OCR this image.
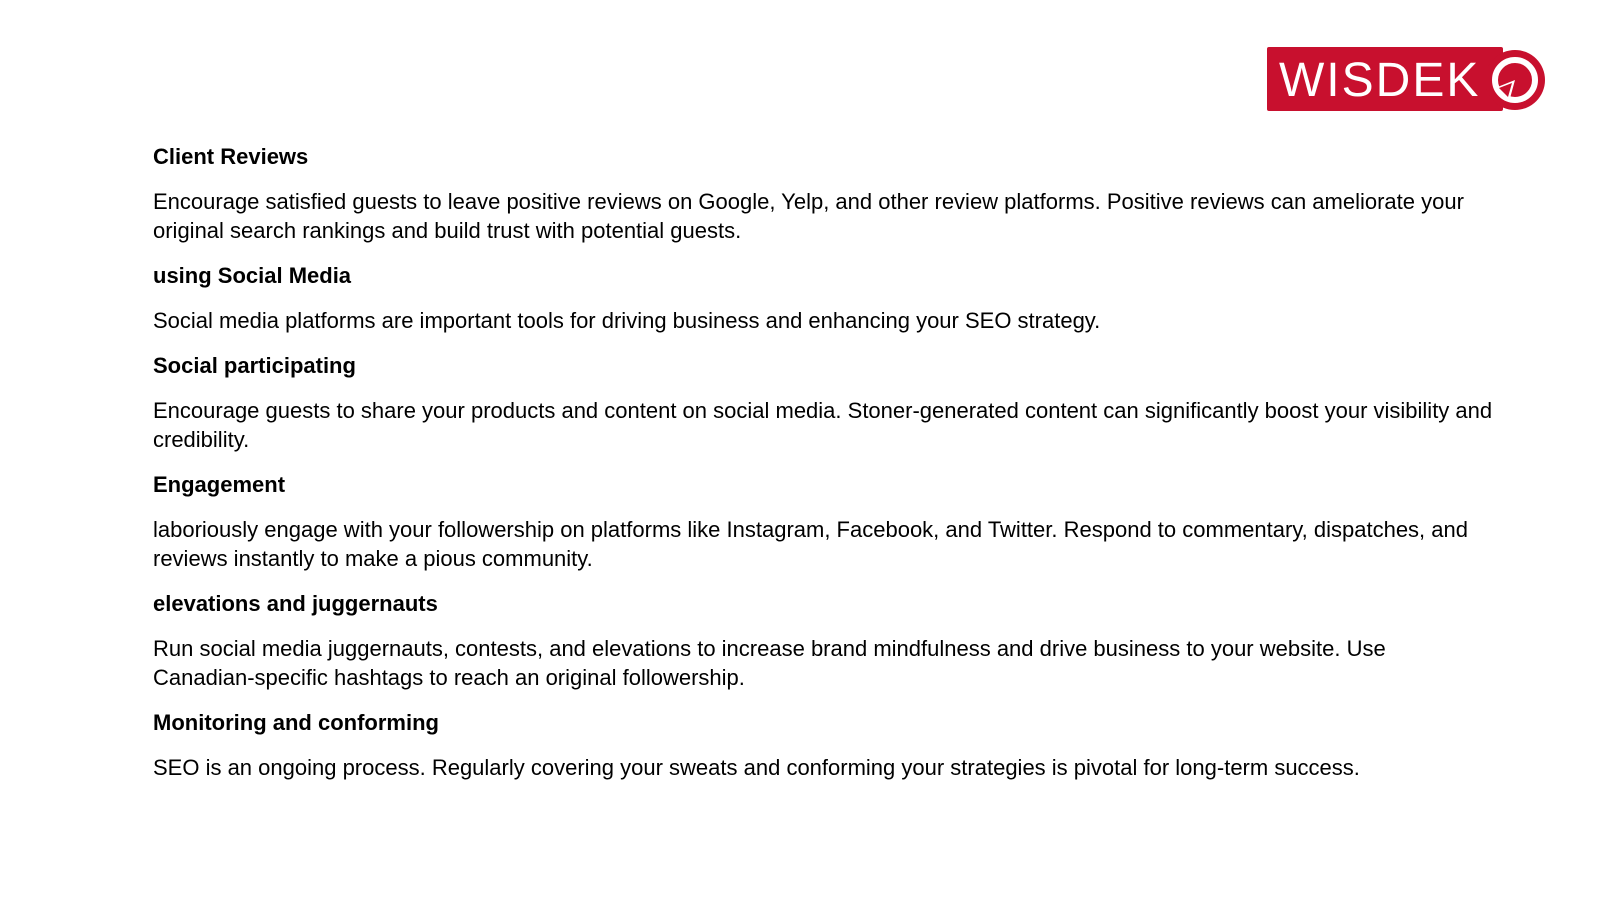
WISDEK
Client Reviews
Encourage satisfied guests to leave positive reviews on Google, Yelp, and other review platforms. Positive reviews can ameliorate your original search rankings and build trust with potential guests.
using Social Media
Social media platforms are important tools for driving business and enhancing your SEO strategy.
Social participating
Encourage guests to share your products and content on social media. Stoner-generated content can significantly boost your visibility and credibility.
Engagement
laboriously engage with your followership on platforms like Instagram, Facebook, and Twitter. Respond to commentary, dispatches, and reviews instantly to make a pious community.
elevations and juggernauts
Run social media juggernauts, contests, and elevations to increase brand mindfulness and drive business to your website. Use Canadian-specific hashtags to reach an original followership.
Monitoring and conforming
SEO is an ongoing process. Regularly covering your sweats and conforming your strategies is pivotal for long-term success.
